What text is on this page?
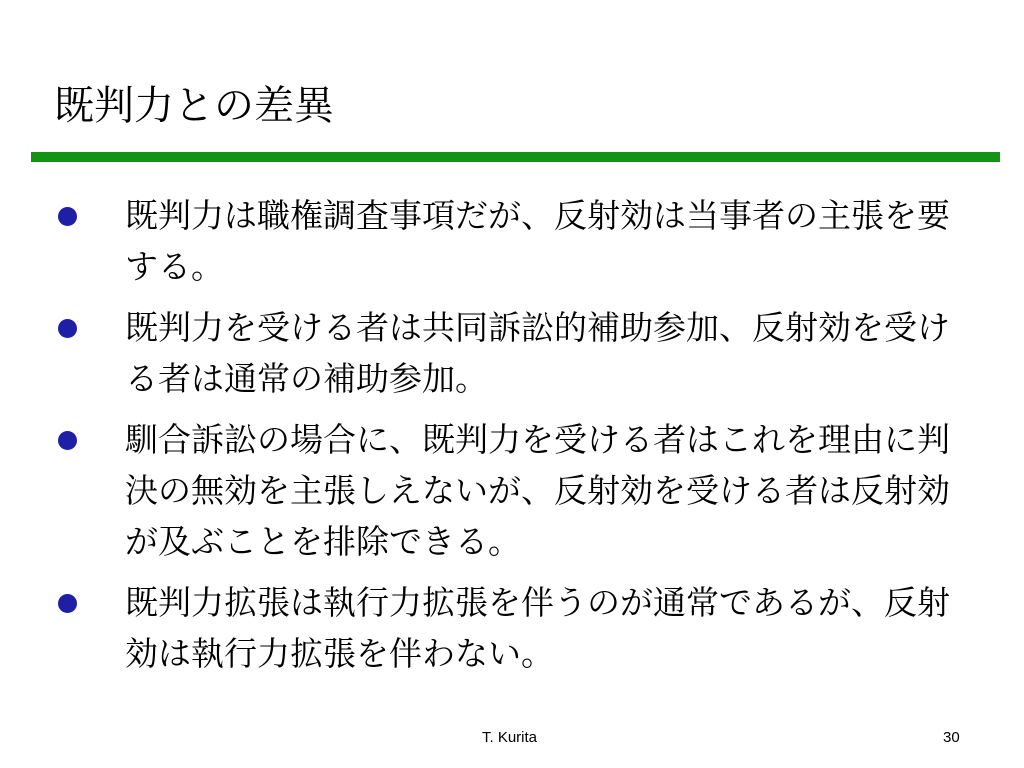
既判力との差異
既判力は職権調査事項だが、反射効は当事者の主張を要する。
既判力を受ける者は共同訴訟的補助参加、反射効を受ける者は通常の補助参加。
馴合訴訟の場合に、既判力を受ける者はこれを理由に判決の無効を主張しえないが、反射効を受ける者は反射効が及ぶことを排除できる。
既判力拡張は執行力拡張を伴うのが通常であるが、反射効は執行力拡張を伴わない。
T. Kurita	30
